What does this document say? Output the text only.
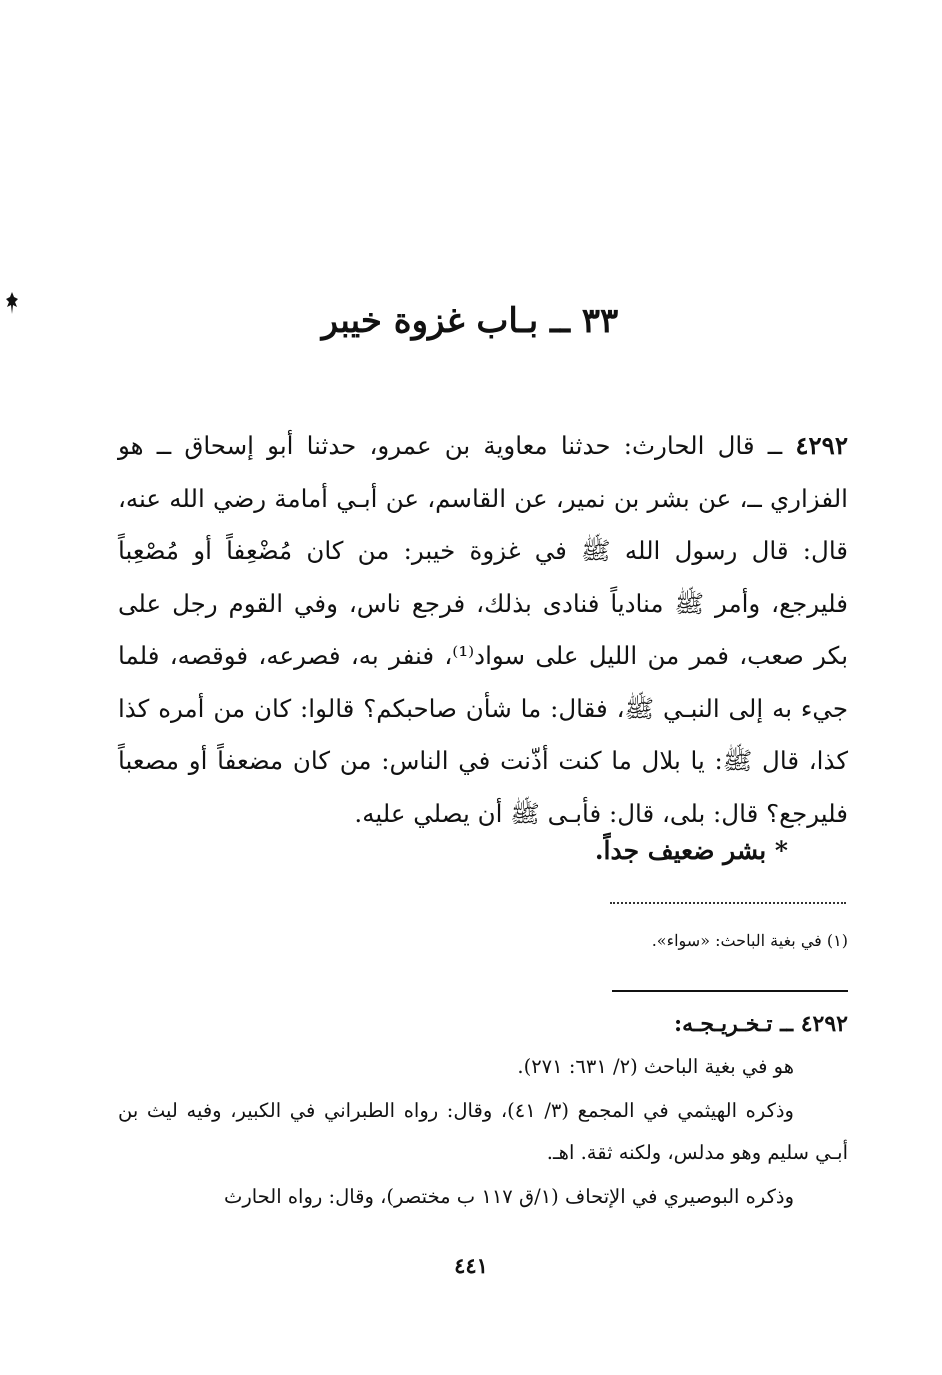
٣٣ ــ بـاب غزوة خيبر

٤٢٩٢ ــ قال الحارث: حدثنا معاوية بن عمرو، حدثنا أبو إسحاق ــ هو الفزاري ــ، عن بشر بن نمير، عن القاسم، عن أبـي أمامة رضي الله عنه، قال: قال رسول الله ﷺ في غزوة خيبر: من كان مُضْعِفاً أو مُصْعِباً فليرجع، وأمر ﷺ منادياً فنادى بذلك، فرجع ناس، وفي القوم رجل على بكر صعب، فمر من الليل على سواد⁽¹⁾، فنفر به، فصرعه، فوقصه، فلما جيء به إلى النبـي ﷺ، فقال: ما شأن صاحبكم؟ قالوا: كان من أمره كذا كذا، قال ﷺ: يا بلال ما كنت أذّنت في الناس: من كان مضعفاً أو مصعباً فليرجع؟ قال: بلى، قال: فأبـى ﷺ أن يصلي عليه.

* بشر ضعيف جداً.

(١) في بغية الباحث: «سواء».

٤٢٩٢ ــ تـخـريـجـه:

هو في بغية الباحث (٢/ ٦٣١: ٢٧١).

وذكره الهيثمي في المجمع (٣/ ٤١)، وقال: رواه الطبراني في الكبير، وفيه ليث بن أبـي سليم وهو مدلس، ولكنه ثقة. اهـ.

وذكره البوصيري في الإتحاف (١/ق ١١٧ ب مختصر)، وقال: رواه الحارث

٤٤١
